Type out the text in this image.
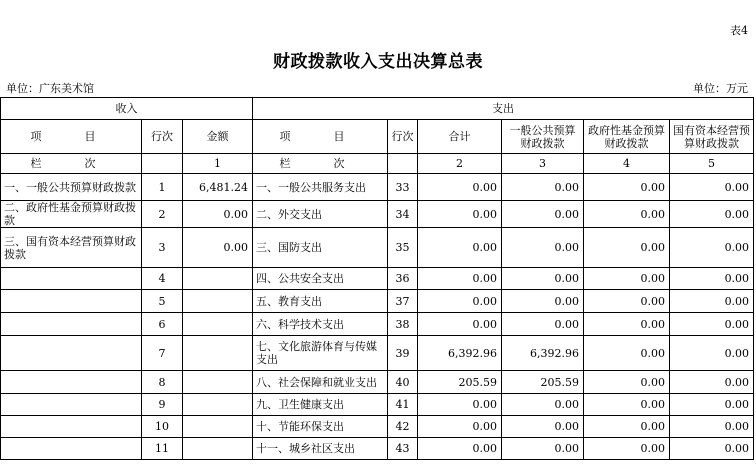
表4
财政拨款收入支出决算总表
单位：广东美术馆	单位：万元
收入			支出					
项　目	行次	金额	项　目	行次	合计	一般公共预算财政拨款	政府性基金预算财政拨款	国有资本经营预算财政拨款
栏　次		1	栏　次		2	3	4	5
一、一般公共预算财政拨款	1	6,481.24	一、一般公共服务支出	33	0.00	0.00	0.00	0.00
二、政府性基金预算财政拨款	2	0.00	二、外交支出	34	0.00	0.00	0.00	0.00
三、国有资本经营预算财政拨款	3	0.00	三、国防支出	35	0.00	0.00	0.00	0.00
	4		四、公共安全支出	36	0.00	0.00	0.00	0.00
	5		五、教育支出	37	0.00	0.00	0.00	0.00
	6		六、科学技术支出	38	0.00	0.00	0.00	0.00
	7		七、文化旅游体育与传媒支出	39	6,392.96	6,392.96	0.00	0.00
	8		八、社会保障和就业支出	40	205.59	205.59	0.00	0.00
	9		九、卫生健康支出	41	0.00	0.00	0.00	0.00
	10		十、节能环保支出	42	0.00	0.00	0.00	0.00
	11		十一、城乡社区支出	43	0.00	0.00	0.00	0.00
